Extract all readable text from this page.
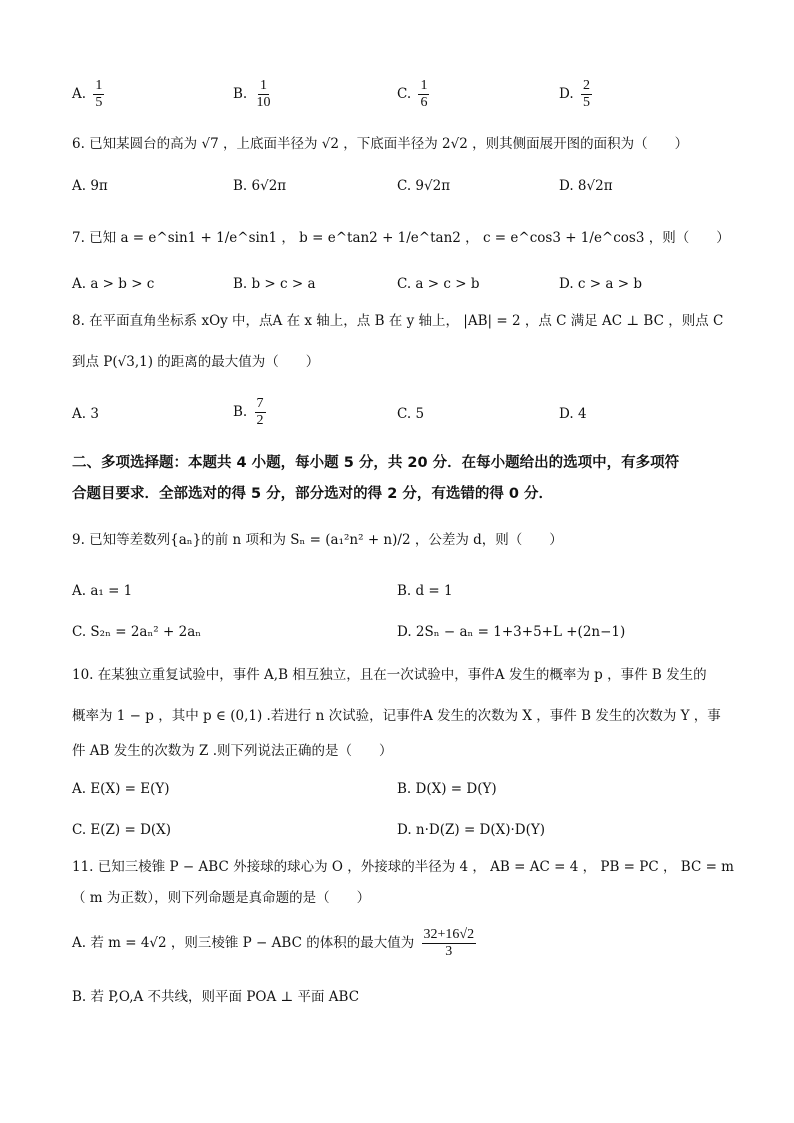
A. $\frac{1}{5}$	B. $\frac{1}{10}$	C. $\frac{1}{6}$	D. $\frac{2}{5}$
6. 已知某圆台的高为 √7 ，上底面半径为 √2 ，下底面半径为 2√2 ，则其侧面展开图的面积为（　　）
A. 9π	B. 6√2π	C. 9√2π	D. 8√2π
7. 已知 a = e^sin1 + 1/e^sin1 ， b = e^tan2 + 1/e^tan2 ， c = e^cos3 + 1/e^cos3 ，则（　　）
A. a > b > c	B. b > c > a	C. a > c > b	D. c > a > b
8. 在平面直角坐标系 xOy 中，点A 在 x 轴上，点 B 在 y 轴上， |AB| = 2 ，点 C 满足 AC ⊥ BC ，则点 C
到点 P(√3,1) 的距离的最大值为（　　）
A. 3	B. $\frac{7}{2}$	C. 5	D. 4
二、多项选择题：本题共 4 小题，每小题 5 分，共 20 分．在每小题给出的选项中，有多项符
合题目要求．全部选对的得 5 分，部分选对的得 2 分，有选错的得 0 分．
9. 已知等差数列{aₙ}的前 n 项和为 Sₙ = (a₁²n² + n)/2 ，公差为 d，则（　　）
A. a₁ = 1	B. d = 1
C. S₂ₙ = 2aₙ² + 2aₙ	D. 2Sₙ − aₙ = 1+3+5+L +(2n−1)
10. 在某独立重复试验中，事件 A,B 相互独立，且在一次试验中，事件A 发生的概率为 p ，事件 B 发生的
概率为 1 − p ，其中 p ∈ (0,1) .若进行 n 次试验，记事件A 发生的次数为 X ，事件 B 发生的次数为 Y ，事
件 AB 发生的次数为 Z .则下列说法正确的是（　　）
A. E(X) = E(Y)	B. D(X) = D(Y)
C. E(Z) = D(X)	D. n·D(Z) = D(X)·D(Y)
11. 已知三棱锥 P − ABC 外接球的球心为 O ，外接球的半径为 4 ， AB = AC = 4 ， PB = PC ， BC = m
（ m 为正数），则下列命题是真命题的是（　　）
A. 若 m = 4√2 ，则三棱锥 P − ABC 的体积的最大值为 $\frac{32+16√2}{3}$
B. 若 P,O,A 不共线，则平面 POA ⊥ 平面 ABC
